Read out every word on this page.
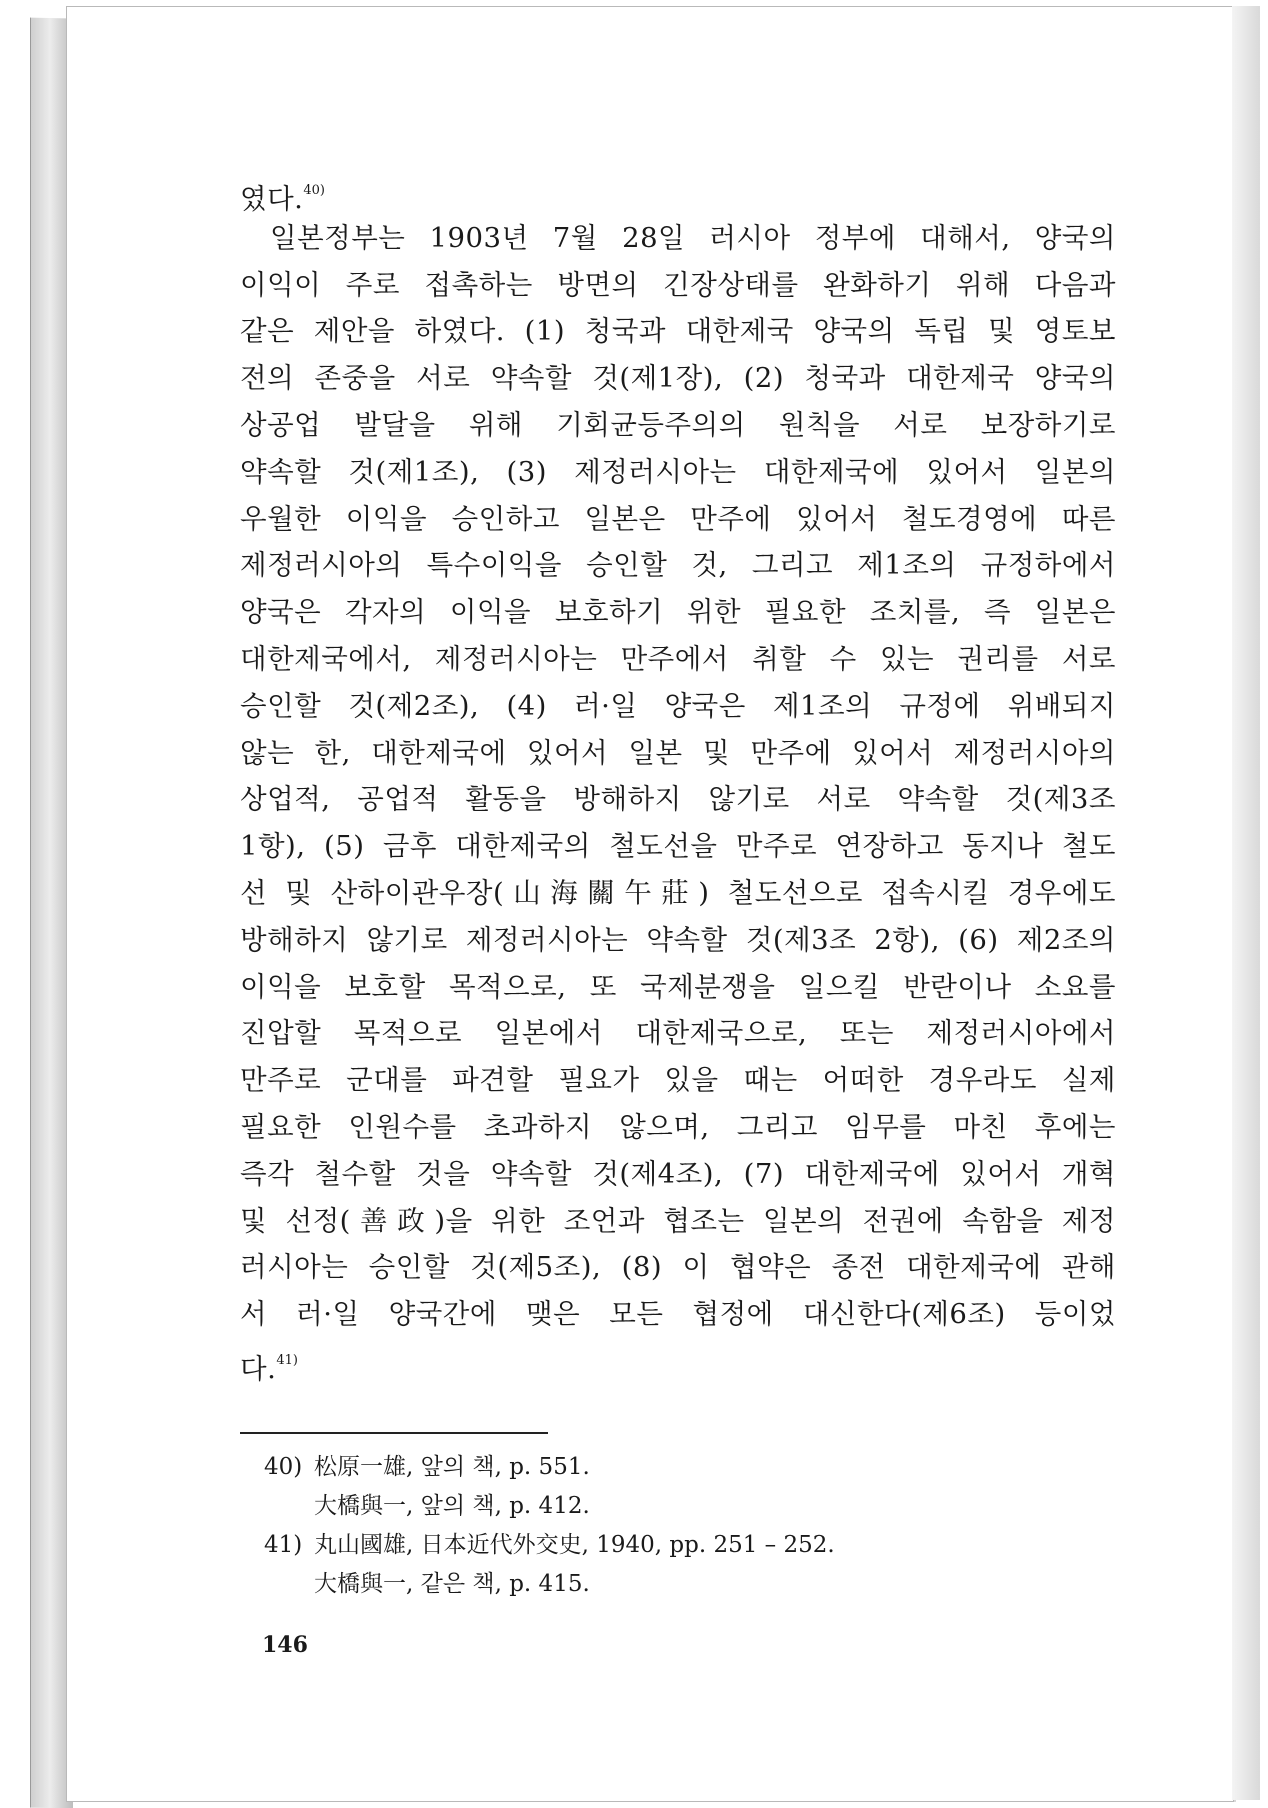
였다.$^{40)}$
일본정부는 1903년 7월 28일 러시아 정부에 대해서, 양국의
이익이 주로 접촉하는 방면의 긴장상태를 완화하기 위해 다음과
같은 제안을 하였다. (1) 청국과 대한제국 양국의 독립 및 영토보
전의 존중을 서로 약속할 것(제1장), (2) 청국과 대한제국 양국의
상공업 발달을 위해 기회균등주의의 원칙을 서로 보장하기로
약속할 것(제1조), (3) 제정러시아는 대한제국에 있어서 일본의
우월한 이익을 승인하고 일본은 만주에 있어서 철도경영에 따른
제정러시아의 특수이익을 승인할 것, 그리고 제1조의 규정하에서
양국은 각자의 이익을 보호하기 위한 필요한 조치를, 즉 일본은
대한제국에서, 제정러시아는 만주에서 취할 수 있는 권리를 서로
승인할 것(제2조), (4) 러·일 양국은 제1조의 규정에 위배되지
않는 한, 대한제국에 있어서 일본 및 만주에 있어서 제정러시아의
상업적, 공업적 활동을 방해하지 않기로 서로 약속할 것(제3조
1항), (5) 금후 대한제국의 철도선을 만주로 연장하고 동지나 철도
선 및 산하이관우장(山海關午莊) 철도선으로 접속시킬 경우에도
방해하지 않기로 제정러시아는 약속할 것(제3조 2항), (6) 제2조의
이익을 보호할 목적으로, 또 국제분쟁을 일으킬 반란이나 소요를
진압할 목적으로 일본에서 대한제국으로, 또는 제정러시아에서
만주로 군대를 파견할 필요가 있을 때는 어떠한 경우라도 실제
필요한 인원수를 초과하지 않으며, 그리고 임무를 마친 후에는
즉각 철수할 것을 약속할 것(제4조), (7) 대한제국에 있어서 개혁
및 선정(善政)을 위한 조언과 협조는 일본의 전권에 속함을 제정
러시아는 승인할 것(제5조), (8) 이 협약은 종전 대한제국에 관해
서 러·일 양국간에 맺은 모든 협정에 대신한다(제6조) 등이었
다.$^{41)}$
40) 松原一雄, 앞의 책, p. 551.
大橋與一, 앞의 책, p. 412.
41) 丸山國雄, 日本近代外交史, 1940, pp. 251 – 252.
大橋與一, 같은 책, p. 415.
146
